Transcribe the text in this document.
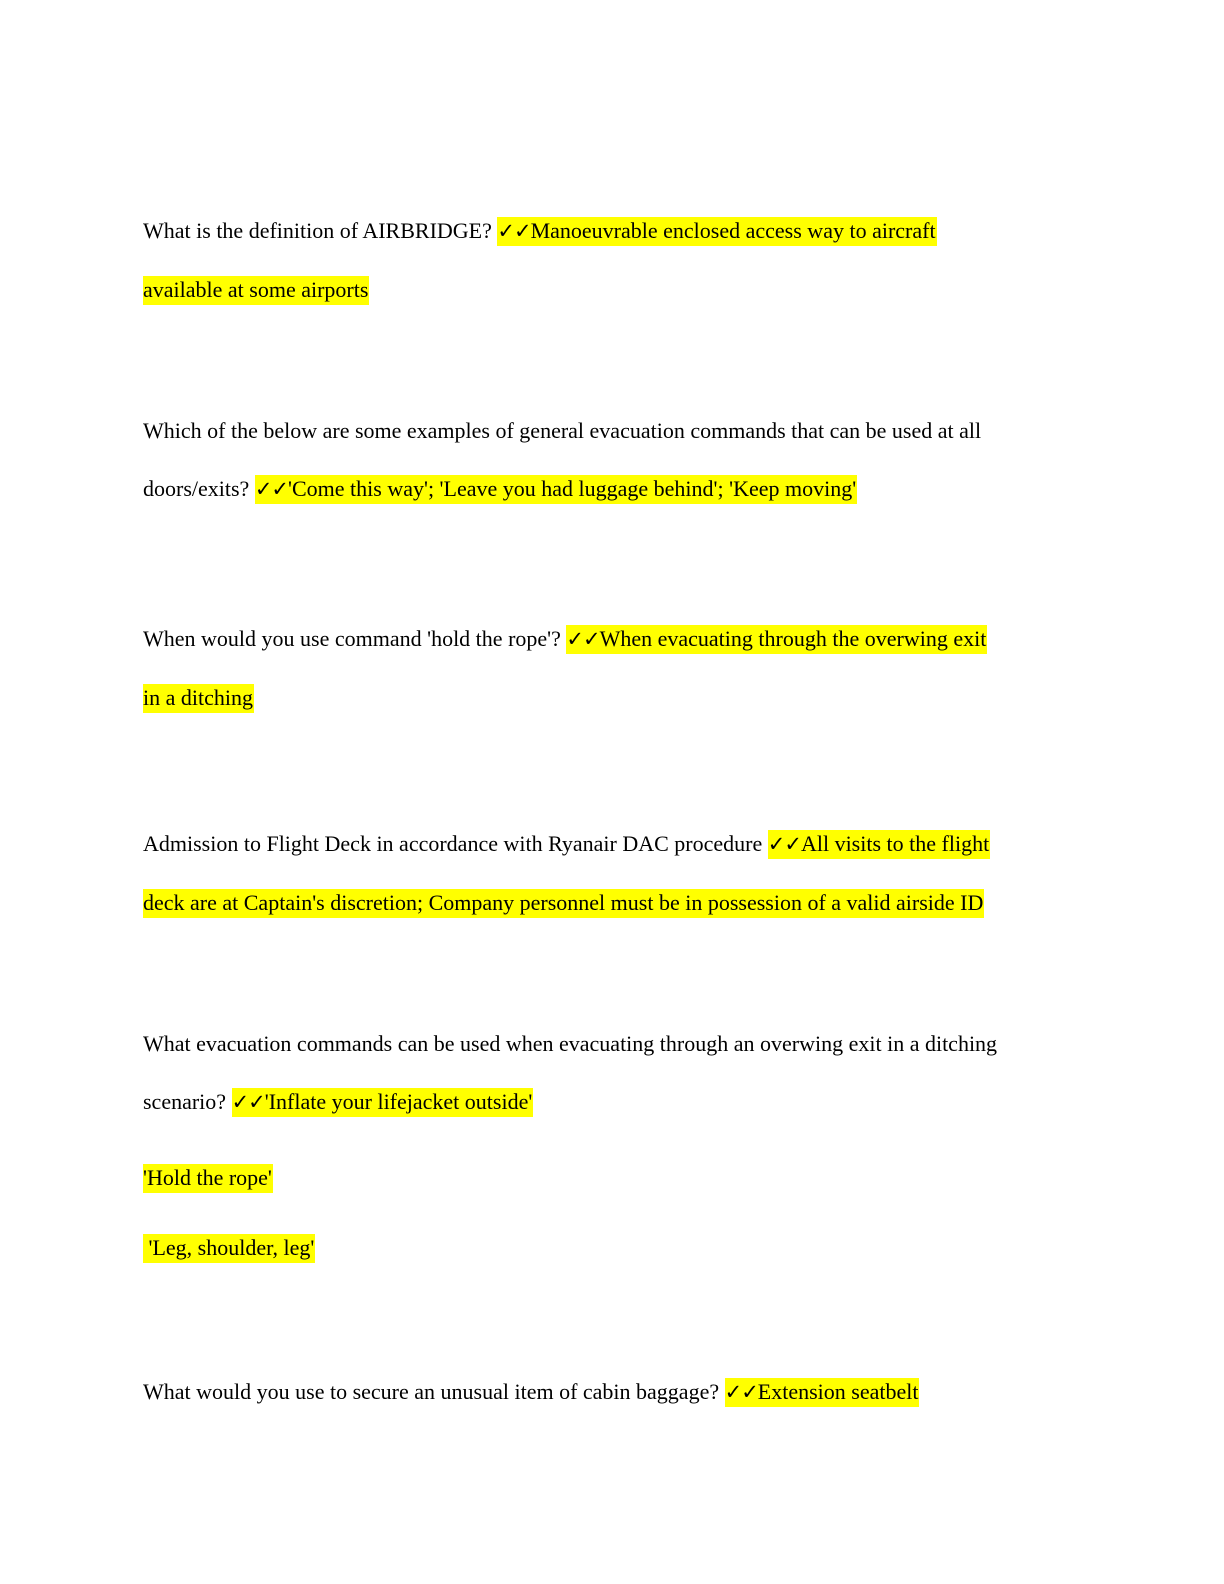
What is the definition of AIRBRIDGE? ✓✓Manoeuvrable enclosed access way to aircraft
available at some airports
Which of the below are some examples of general evacuation commands that can be used at all
doors/exits? ✓✓'Come this way'; 'Leave you had luggage behind'; 'Keep moving'
When would you use command 'hold the rope'? ✓✓When evacuating through the overwing exit
in a ditching
Admission to Flight Deck in accordance with Ryanair DAC procedure ✓✓All visits to the flight
deck are at Captain's discretion; Company personnel must be in possession of a valid airside ID
What evacuation commands can be used when evacuating through an overwing exit in a ditching
scenario? ✓✓'Inflate your lifejacket outside'
'Hold the rope'
'Leg, shoulder, leg'
What would you use to secure an unusual item of cabin baggage? ✓✓Extension seatbelt
